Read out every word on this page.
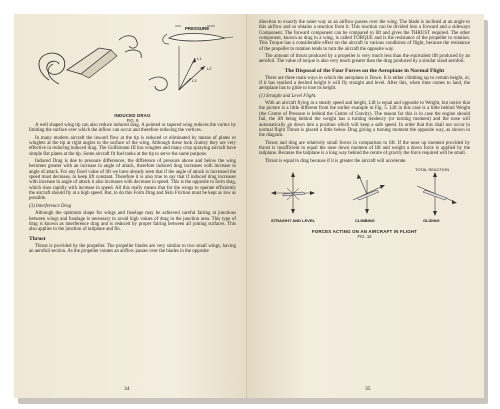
PRESSURE
L1
L2
L3
INDUCED DRAG
FIG. 9

A well shaped wing tip can also reduce induced drag. A pointed or tapered wing reduces the vortex by limiting the surface over which the inflow can occur and therefore reducing the vortices.

In many modern aircraft the inward flow at the tip is reduced or eliminated by means of plates or winglets at the tip at right angles to the surface of the wing. Although these look clumsy they are very effective in reducing induced drag. The Gulfstream III has winglets and many crop spraying aircraft have simple flat plates at the tip. Some aircraft fit fuel tanks at the tip to serve the same purpose.

Induced Drag is due to pressure differences, the difference of pressure above and below the wing becomes greater with an increase in angle of attack, therefore induced drag increases with increase in angle of attack. For any fixed value of lift we have already seen that if the angle of attack is increased the speed must decrease, to keep lift constant. Therefore it is also true to say that if induced drag increases with increase in angle of attack it also increases with decrease in speed. This is the opposite to form drag, which rises rapidly with increase in speed. All this really means that for the wings to operate efficiently the aircraft should fly at a high speed. But, to do this Form Drag and Skin Friction must be kept as low as possible.

(3) Interference Drag

Although the optimum shape for wings and fuselage may be achieved careful fairing at junctions between wings and fuselage is necessary to avoid high values of drag in the junction area. This type of drag is known as interference drag and is reduced by proper fairing between all joining surfaces. This also applies to the junction of tailplane and fin.

Thrust

Thrust is provided by the propeller. The propeller blades are very similar to two small wings, having an aerofoil section. As the propeller rotates an airflow passes over the blades in the opposite

34

direction to exactly the same way as an airflow passes over the wing. The blade is inclined at an angle to this airflow and so obtains a reaction from it. This reaction can be divided into a forward and a sideways Component. The forward component can be compared to lift and gives the THRUST required. The other component, known as drag in a wing, is called TORQUE and is the resistance of the propeller to rotation. This Torque has a considerable effect on the aircraft in various conditions of flight, because the resistance of the propeller to rotation tends to turn the aircraft the opposite way.

The amount of thrust produced by a propeller is very much less than the equivalent lift produced by an aerofoil. The value of torque is also very much greater than the drag produced by a similar sized aerofoil.

The Disposal of the Four Forces on the Aeroplane in Normal Flight

There are three main ways in which the aeroplane is flown. It is either climbing up to certain height, or, if it has reached a desired height it will fly straight and level. After this, when time comes to land, the aeroplane has to glide to lose its height.

(1) Straight and Level Flight.

With an aircraft flying at a steady speed and height, Lift is equal and opposite to Weight, but notice that the picture is a little different from the earlier example in Fig. 5. Lift in this case is a little behind Weight (the Centre of Pressure is behind the Centre of Gravity). The reason for this is in case the engine should fail, the lift being behind the weight has a turning tendency (or turning moment) and the nose will automatically go down into a position which will keep a safe speed. In order that this shall not occur in normal flight Thrust is placed a little below Drag giving a turning moment the opposite way, as shown in the diagram.

Thrust and drag are relatively small forces in comparison to lift. If the nose up moment provided by thrust is insufficient to equal the nose down moment of lift and weight a down force is applied by the tailplane. Because the tailplane is a long way behind the centre of gravity the force required will be small.

Thrust is equal to drag because if it is greater the aircraft will accelerate.

TOTAL REACTION
STRAIGHT AND LEVEL	CLIMBING	GLIDING
FORCES ACTING ON AN AIRCRAFT IN FLIGHT
FIG. 10
35
